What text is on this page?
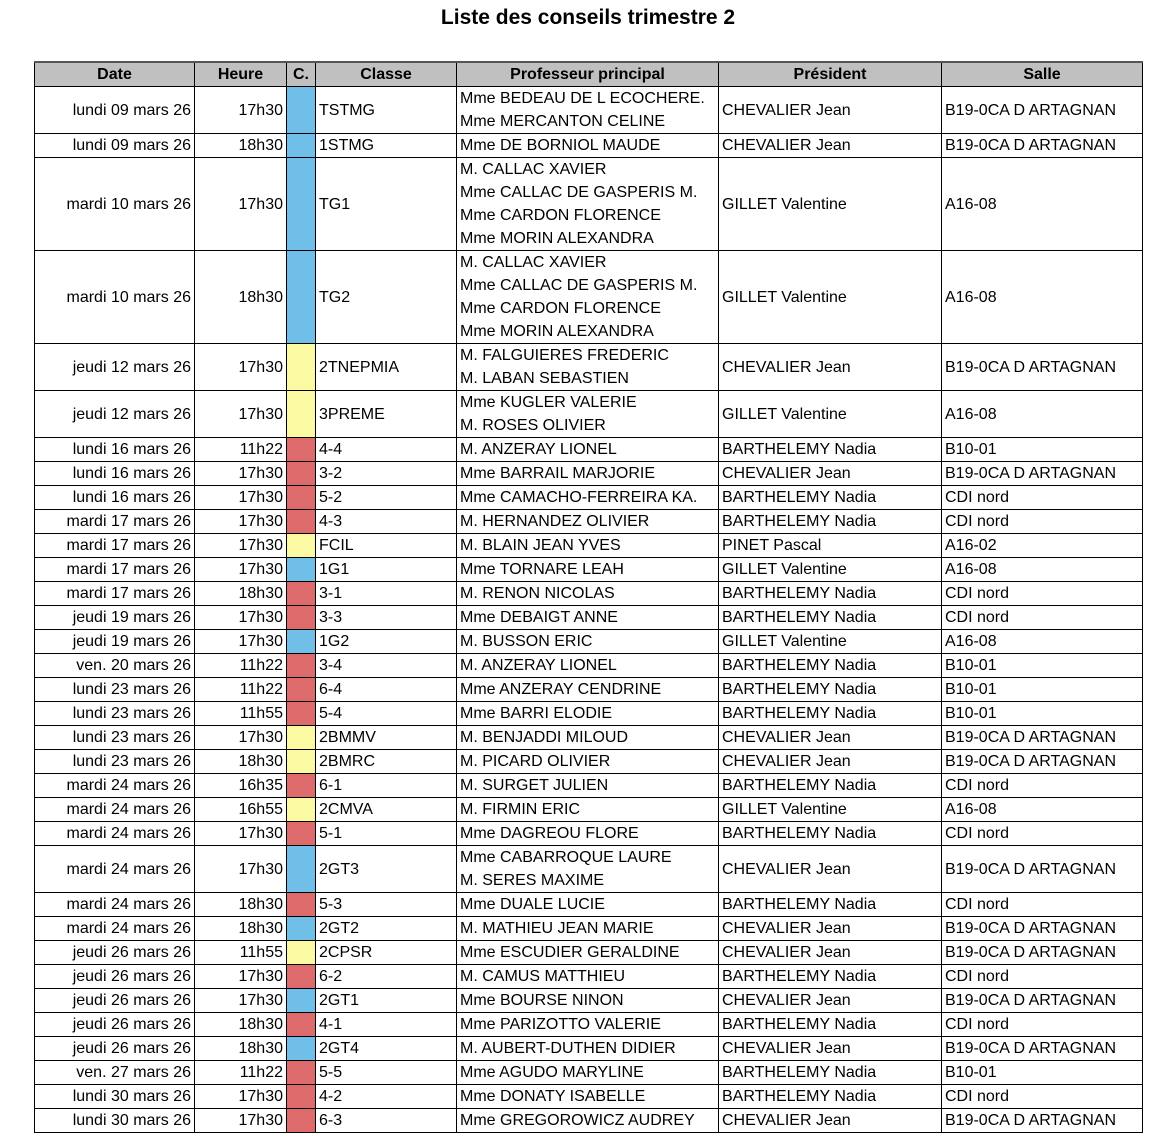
Liste des conseils trimestre 2
Date	Heure	C.	Classe	Professeur principal	Président	Salle
lundi 09 mars 26	17h30		TSTMG	Mme BEDEAU DE L ECOCHERE.
Mme MERCANTON CELINE	CHEVALIER Jean	B19-0CA D ARTAGNAN
lundi 09 mars 26	18h30		1STMG	Mme DE BORNIOL MAUDE	CHEVALIER Jean	B19-0CA D ARTAGNAN
mardi 10 mars 26	17h30		TG1	M. CALLAC XAVIER
Mme CALLAC DE GASPERIS M.
Mme CARDON FLORENCE
Mme MORIN ALEXANDRA	GILLET Valentine	A16-08
mardi 10 mars 26	18h30		TG2	M. CALLAC XAVIER
Mme CALLAC DE GASPERIS M.
Mme CARDON FLORENCE
Mme MORIN ALEXANDRA	GILLET Valentine	A16-08
jeudi 12 mars 26	17h30		2TNEPMIA	M. FALGUIERES FREDERIC
M. LABAN SEBASTIEN	CHEVALIER Jean	B19-0CA D ARTAGNAN
jeudi 12 mars 26	17h30		3PREME	Mme KUGLER VALERIE
M. ROSES OLIVIER	GILLET Valentine	A16-08
lundi 16 mars 26	11h22		4-4	M. ANZERAY LIONEL	BARTHELEMY Nadia	B10-01
lundi 16 mars 26	17h30		3-2	Mme BARRAIL MARJORIE	CHEVALIER Jean	B19-0CA D ARTAGNAN
lundi 16 mars 26	17h30		5-2	Mme CAMACHO-FERREIRA KA.	BARTHELEMY Nadia	CDI nord
mardi 17 mars 26	17h30		4-3	M. HERNANDEZ OLIVIER	BARTHELEMY Nadia	CDI nord
mardi 17 mars 26	17h30		FCIL	M. BLAIN JEAN YVES	PINET Pascal	A16-02
mardi 17 mars 26	17h30		1G1	Mme TORNARE LEAH	GILLET Valentine	A16-08
mardi 17 mars 26	18h30		3-1	M. RENON NICOLAS	BARTHELEMY Nadia	CDI nord
jeudi 19 mars 26	17h30		3-3	Mme DEBAIGT ANNE	BARTHELEMY Nadia	CDI nord
jeudi 19 mars 26	17h30		1G2	M. BUSSON ERIC	GILLET Valentine	A16-08
ven. 20 mars 26	11h22		3-4	M. ANZERAY LIONEL	BARTHELEMY Nadia	B10-01
lundi 23 mars 26	11h22		6-4	Mme ANZERAY CENDRINE	BARTHELEMY Nadia	B10-01
lundi 23 mars 26	11h55		5-4	Mme BARRI ELODIE	BARTHELEMY Nadia	B10-01
lundi 23 mars 26	17h30		2BMMV	M. BENJADDI MILOUD	CHEVALIER Jean	B19-0CA D ARTAGNAN
lundi 23 mars 26	18h30		2BMRC	M. PICARD OLIVIER	CHEVALIER Jean	B19-0CA D ARTAGNAN
mardi 24 mars 26	16h35		6-1	M. SURGET JULIEN	BARTHELEMY Nadia	CDI nord
mardi 24 mars 26	16h55		2CMVA	M. FIRMIN ERIC	GILLET Valentine	A16-08
mardi 24 mars 26	17h30		5-1	Mme DAGREOU FLORE	BARTHELEMY Nadia	CDI nord
mardi 24 mars 26	17h30		2GT3	Mme CABARROQUE LAURE
M. SERES MAXIME	CHEVALIER Jean	B19-0CA D ARTAGNAN
mardi 24 mars 26	18h30		5-3	Mme DUALE LUCIE	BARTHELEMY Nadia	CDI nord
mardi 24 mars 26	18h30		2GT2	M. MATHIEU JEAN MARIE	CHEVALIER Jean	B19-0CA D ARTAGNAN
jeudi 26 mars 26	11h55		2CPSR	Mme ESCUDIER GERALDINE	CHEVALIER Jean	B19-0CA D ARTAGNAN
jeudi 26 mars 26	17h30		6-2	M. CAMUS MATTHIEU	BARTHELEMY Nadia	CDI nord
jeudi 26 mars 26	17h30		2GT1	Mme BOURSE NINON	CHEVALIER Jean	B19-0CA D ARTAGNAN
jeudi 26 mars 26	18h30		4-1	Mme PARIZOTTO VALERIE	BARTHELEMY Nadia	CDI nord
jeudi 26 mars 26	18h30		2GT4	M. AUBERT-DUTHEN DIDIER	CHEVALIER Jean	B19-0CA D ARTAGNAN
ven. 27 mars 26	11h22		5-5	Mme AGUDO MARYLINE	BARTHELEMY Nadia	B10-01
lundi 30 mars 26	17h30		4-2	Mme DONATY ISABELLE	BARTHELEMY Nadia	CDI nord
lundi 30 mars 26	17h30		6-3	Mme GREGOROWICZ AUDREY	CHEVALIER Jean	B19-0CA D ARTAGNAN
